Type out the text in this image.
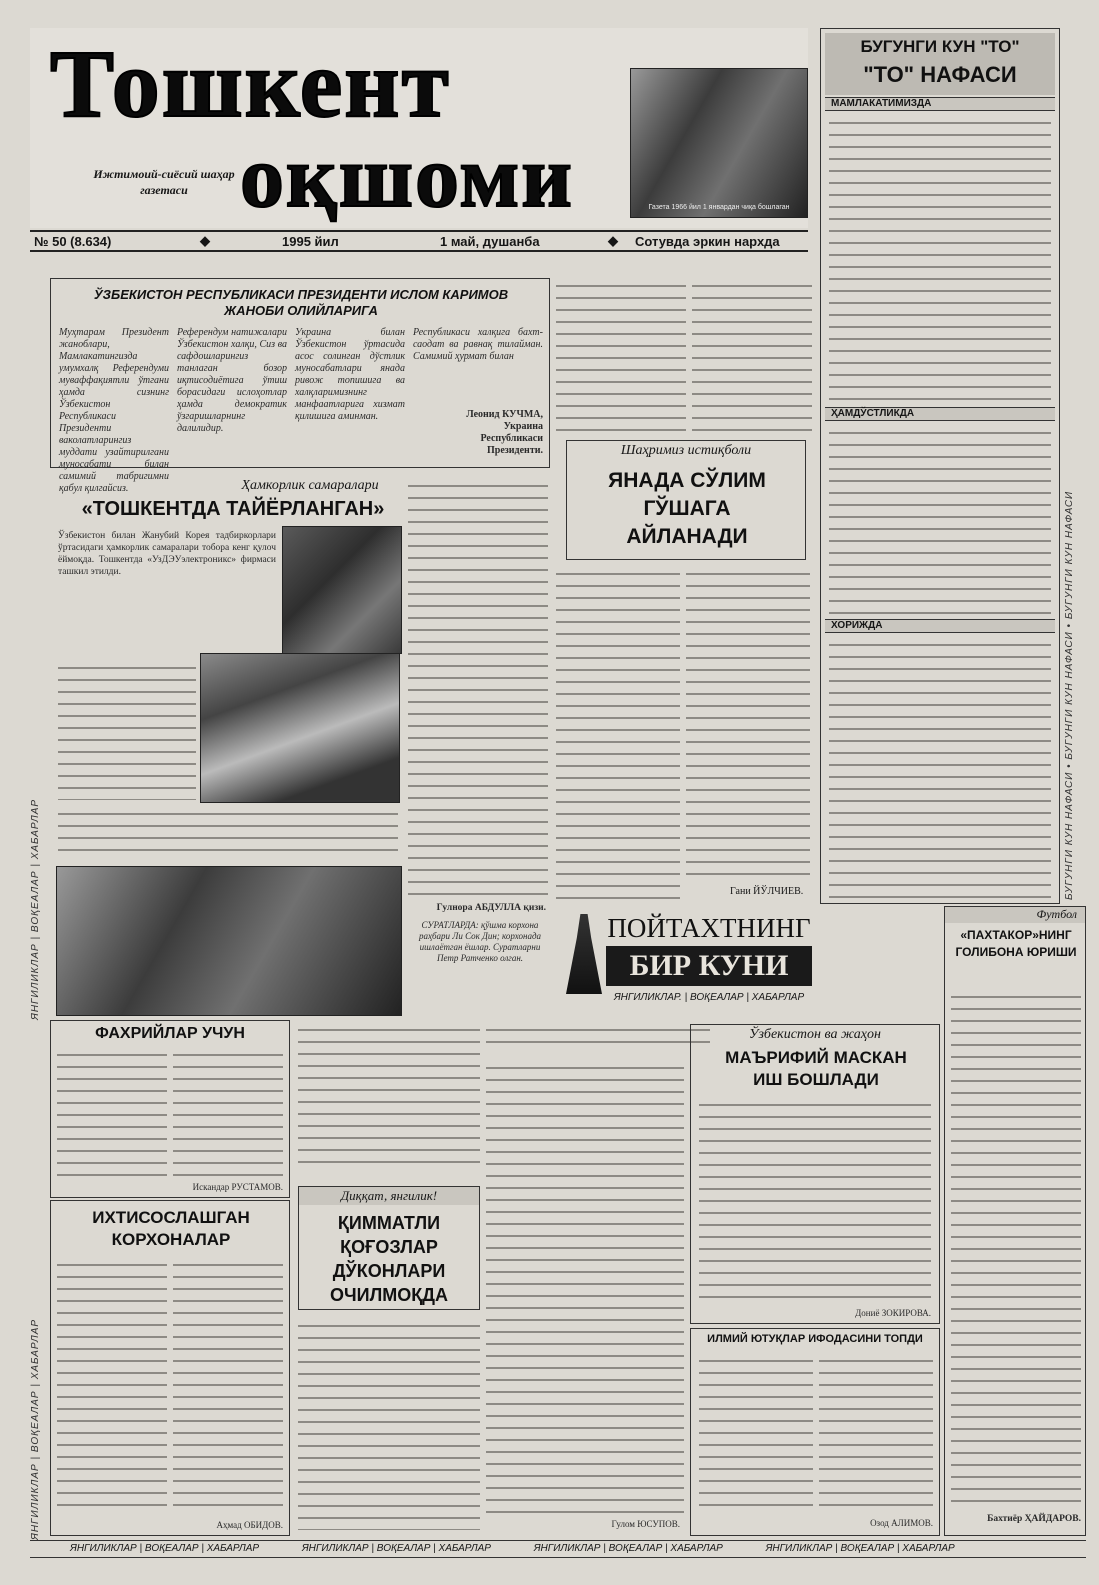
Тошкент
оқшоми
Ижтимоий-сиёсий шаҳар газетаси
Газета 1966 йил 1 январдан чиқа бошлаган
№ 50 (8.634)	◆	1995 йил	1 май, душанба	◆ Сотувда эркин нархда
БУГУНГИ КУН "ТО"
"ТО" НАФАСИ
МАМЛАКАТИМИЗДА
ҲАМДЎСТЛИКДА
ХОРИЖДА	БУГУНГИ КУН НАФАСИ • БУГУНГИ КУН НАФАСИ • БУГУНГИ КУН НАФАСИ
ЯНГИЛИКЛАР | ВОҚЕАЛАР | ХАБАРЛАР
ЯНГИЛИКЛАР | ВОҚЕАЛАР | ХАБАРЛАР
ЎЗБЕКИСТОН РЕСПУБЛИКАСИ ПРЕЗИДЕНТИ ИСЛОМ КАРИМОВ ЖАНОБИ ОЛИЙЛАРИГА
Муҳтарам Президент жаноблари, Мамлакатингизда умумхалқ Референдуми муваффақиятли ўтгани ҳамда сизнинг Ўзбекистон Республикаси Президенти ваколатларингиз муддати узайтирилгани муносабати билан самимий табригимни қабул қилгайсиз.
Референдум натижалари Ўзбекистон халқи, Сиз ва сафдошларингиз танлаган бозор иқтисодиётига ўтиш борасидаги ислоҳотлар ҳамда демократик ўзгаришларнинг далилидир.
Украина билан Ўзбекистон ўртасида асос солинган дўстлик муносабатлари янада ривож топишига ва халқларимизнинг манфаатларига хизмат қилишига аминман.
Республикаси халқига бахт-саодат ва равнақ тилайман. Самимий ҳурмат билан
Леонид КУЧМА, Украина Республикаси Президенти.	Шаҳримиз истиқболи
ЯНАДА СЎЛИМ ГЎШАГА АЙЛАНАДИ
Гани ЙЎЛЧИЕВ.
Ҳамкорлик самаралари
«ТОШКЕНТДА ТАЙЁРЛАНГАН»
Ўзбекистон билан Жанубий Корея тадбиркорлари ўртасидаги ҳамкорлик самаралари тобора кенг қулоч ёймоқда. Тошкентда «УзДЭУэлектроникс» фирмаси ташкил этилди.
Гулнора АБДУЛЛА қизи.
СУРАТЛАРДА: қўшма корхона раҳбари Ли Сок Дин; корхонада ишлаётган ёшлар. Суратларни Петр Ратченко олган.
ПОЙТАХТНИНГ
БИР КУНИ
ЯНГИЛИКЛАР. | ВОҚЕАЛАР | ХАБАРЛАР
Футбол
«ПАХТАКОР»НИНГ ГОЛИБОНА ЮРИШИ
Бахтиёр ҲАЙДАРОВ.
ФАХРИЙЛАР УЧУН
Искандар РУСТАМОВ.
ИХТИСОСЛАШГАН КОРХОНАЛАР
Аҳмад ОБИДОВ.
Диққат, янгилик!
ҚИММАТЛИ ҚОҒОЗЛАР ДЎКОНЛАРИ ОЧИЛМОҚДА
Гулом ЮСУПОВ.
Ўзбекистон ва жаҳон
МАЪРИФИЙ МАСКАН ИШ БОШЛАДИ
Дониё ЗОКИРОВА.
ИЛМИЙ ЮТУҚЛАР ИФОДАСИНИ ТОПДИ
Озод АЛИМОВ.
ЯНГИЛИКЛАР | ВОҚЕАЛАР | ХАБАРЛАР	ЯНГИЛИКЛАР | ВОҚЕАЛАР | ХАБАРЛАР	ЯНГИЛИКЛАР | ВОҚЕАЛАР | ХАБАРЛАР	ЯНГИЛИКЛАР | ВОҚЕАЛАР | ХАБАРЛАР
